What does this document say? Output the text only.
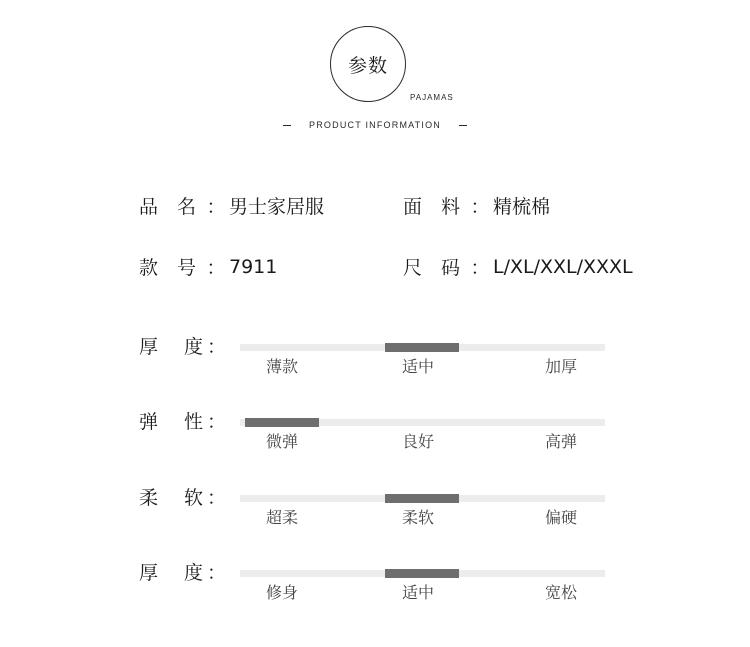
参数
PAJAMAS
PRODUCT INFORMATION
品　名 ： 男士家居服	面　料 ： 精梳棉
款　号 ： 7911	尺　码 ： L/XL/XXL/XXXL
厚 度 ：
薄款	适中	加厚
弹 性 ：
微弹	良好	高弹
柔 软 ：
超柔	柔软	偏硬
厚 度 ：
修身	适中	宽松
